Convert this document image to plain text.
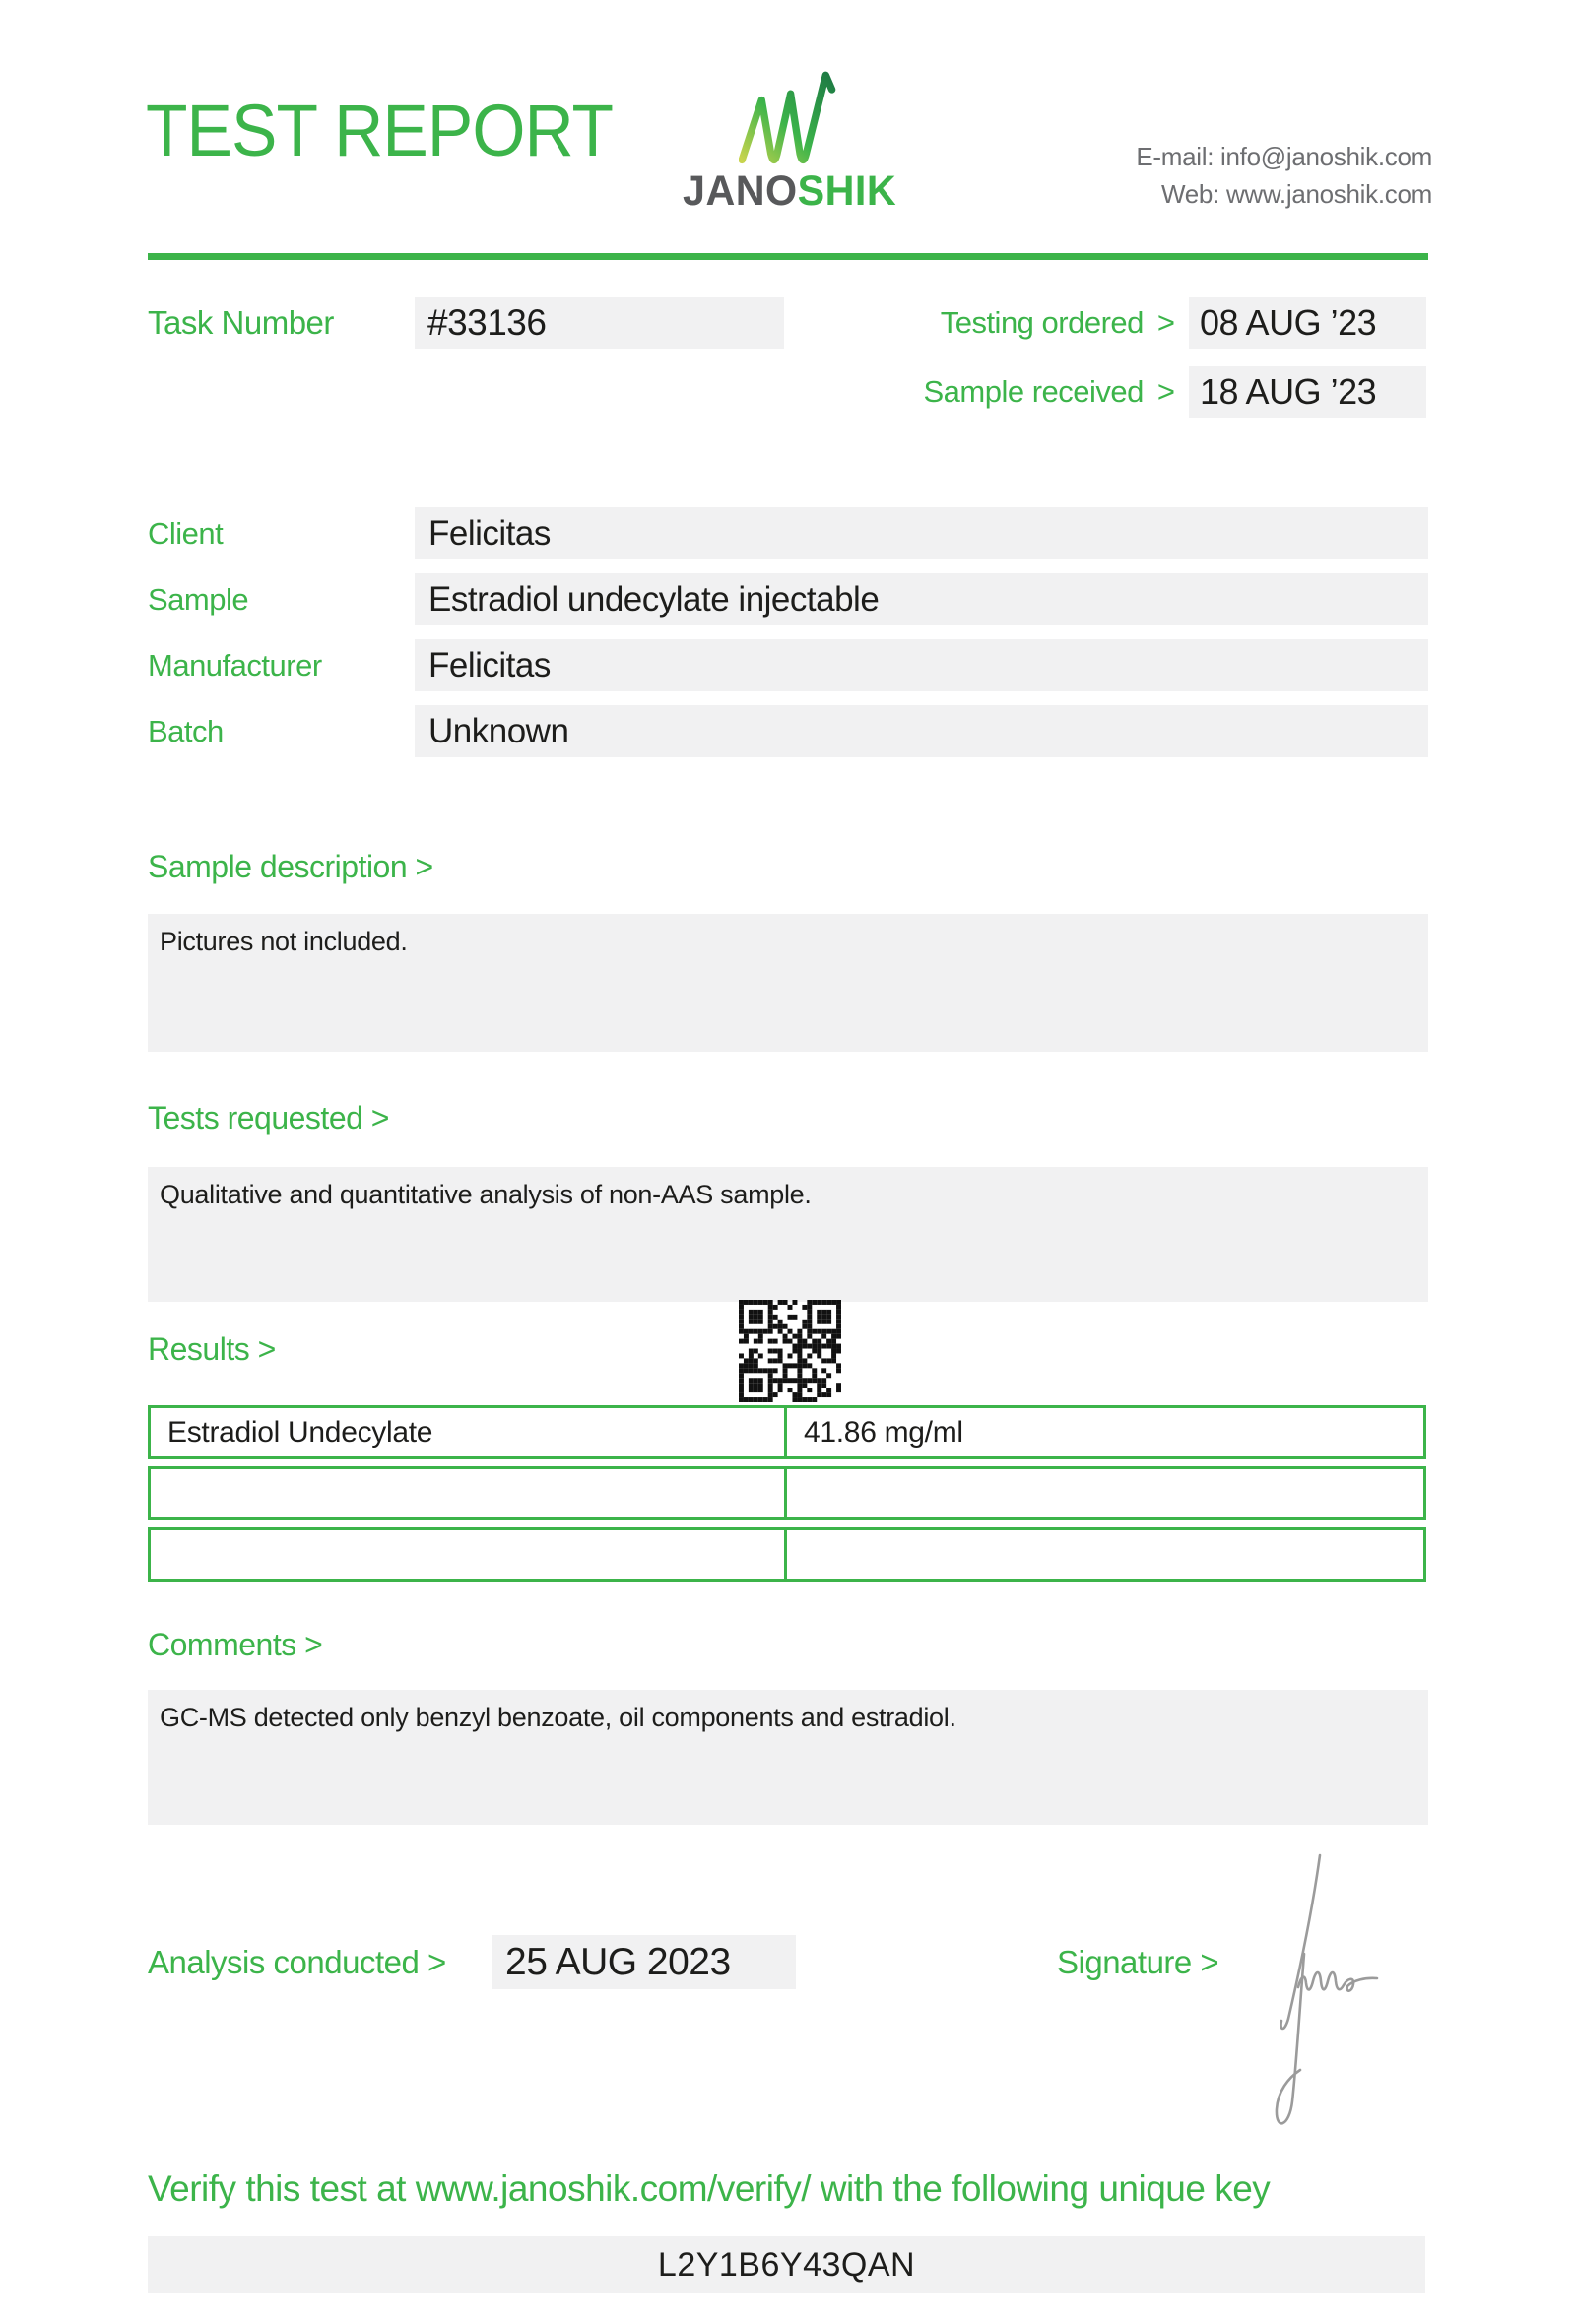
TEST REPORT
JANOSHIK
E-mail: info@janoshik.com
Web: www.janoshik.com
Task Number	#33136	Testing ordered > 08 AUG ’23
Sample received > 18 AUG ’23
Client	Felicitas
Sample	Estradiol undecylate injectable
Manufacturer	Felicitas
Batch	Unknown
Sample description >
Pictures not included.
Tests requested >
Qualitative and quantitative analysis of non-AAS sample.
Results >
Estradiol Undecylate	41.86 mg/ml
Comments >
GC-MS detected only benzyl benzoate, oil components and estradiol.
Analysis conducted >	25 AUG 2023	Signature >
Verify this test at www.janoshik.com/verify/ with the following unique key
L2Y1B6Y43QAN
